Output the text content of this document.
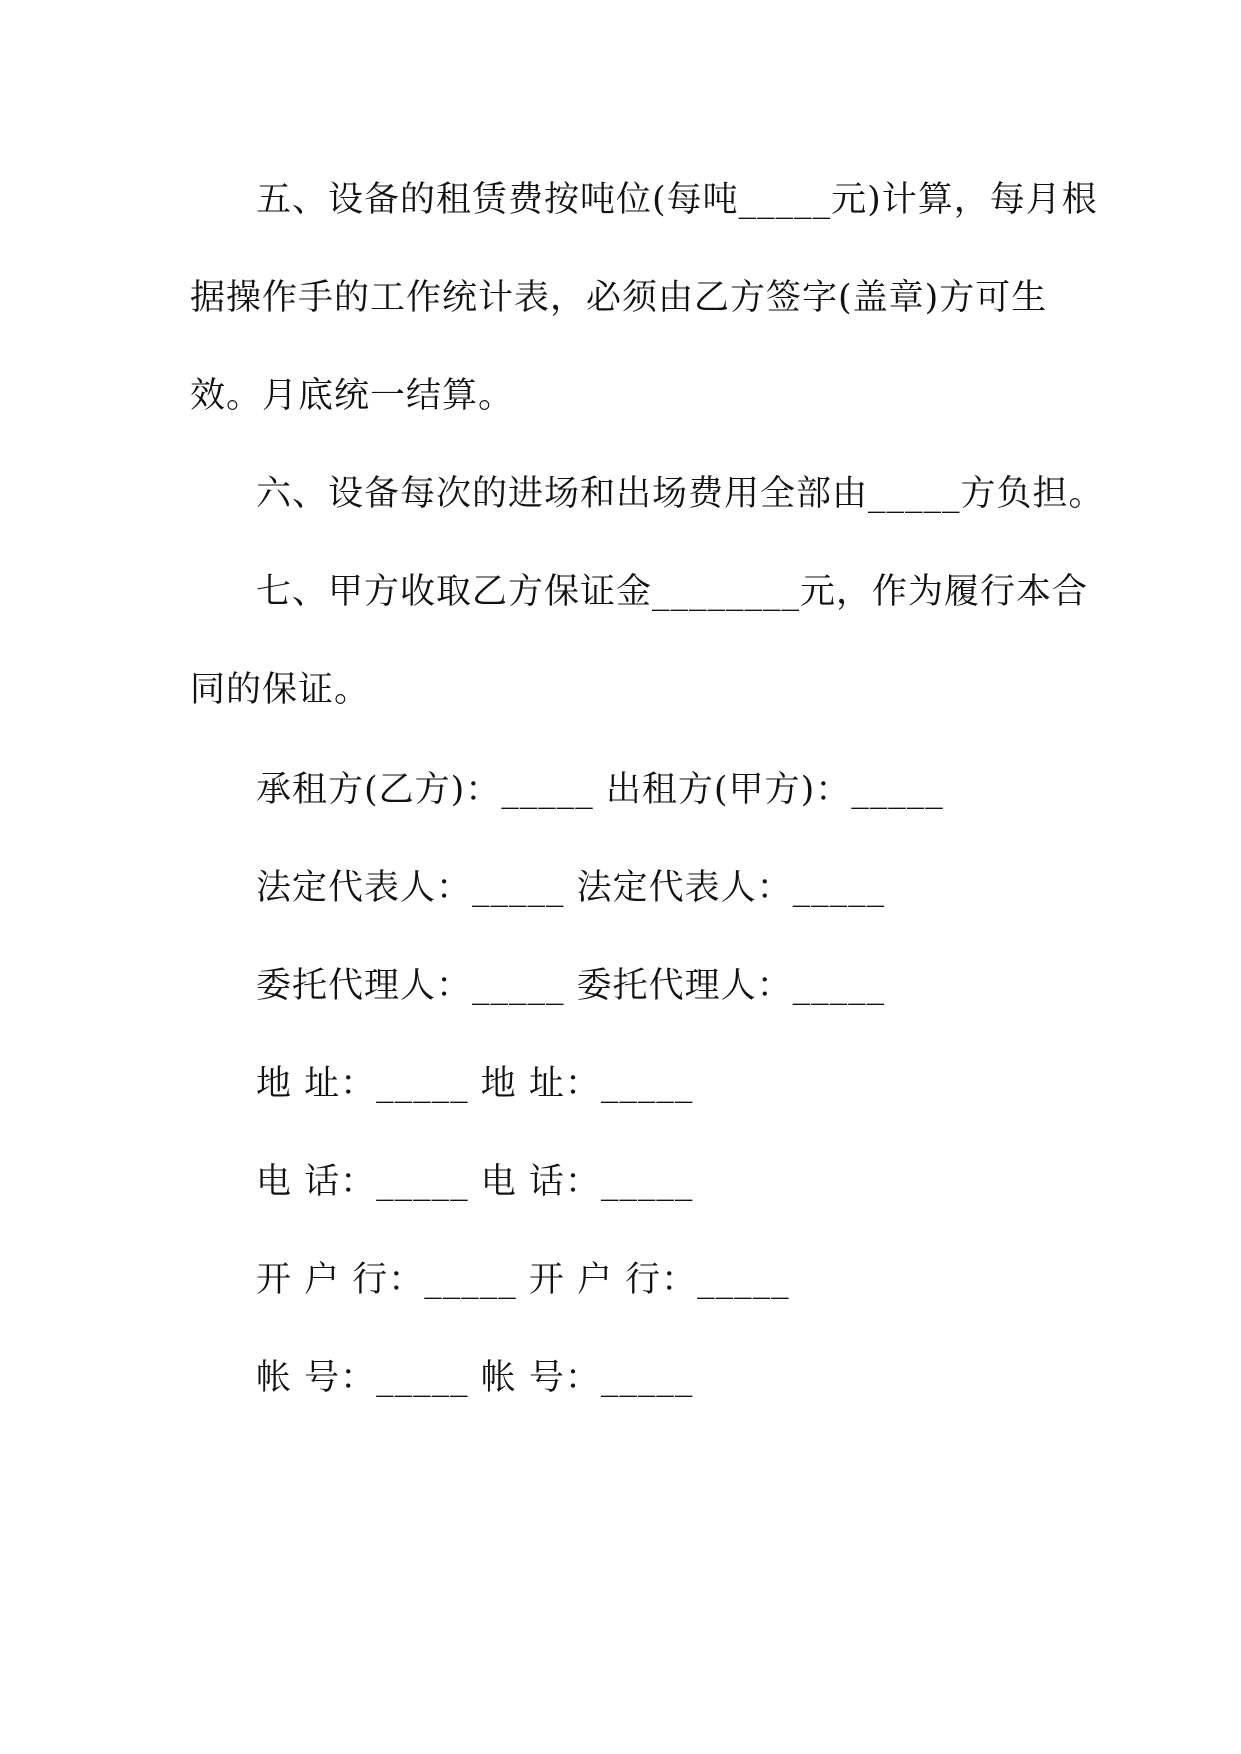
五、设备的租赁费按吨位(每吨_____元)计算，每月根
据操作手的工作统计表，必须由乙方签字(盖章)方可生
效。月底统一结算。
六、设备每次的进场和出场费用全部由_____方负担。
七、甲方收取乙方保证金________元，作为履行本合
同的保证。
承租方(乙方)：_____ 出租方(甲方)：_____
法定代表人：_____ 法定代表人：_____
委托代理人：_____ 委托代理人：_____
地 址：_____ 地 址：_____
电 话：_____ 电 话：_____
开 户 行：_____ 开 户 行：_____
帐 号：_____ 帐 号：_____
